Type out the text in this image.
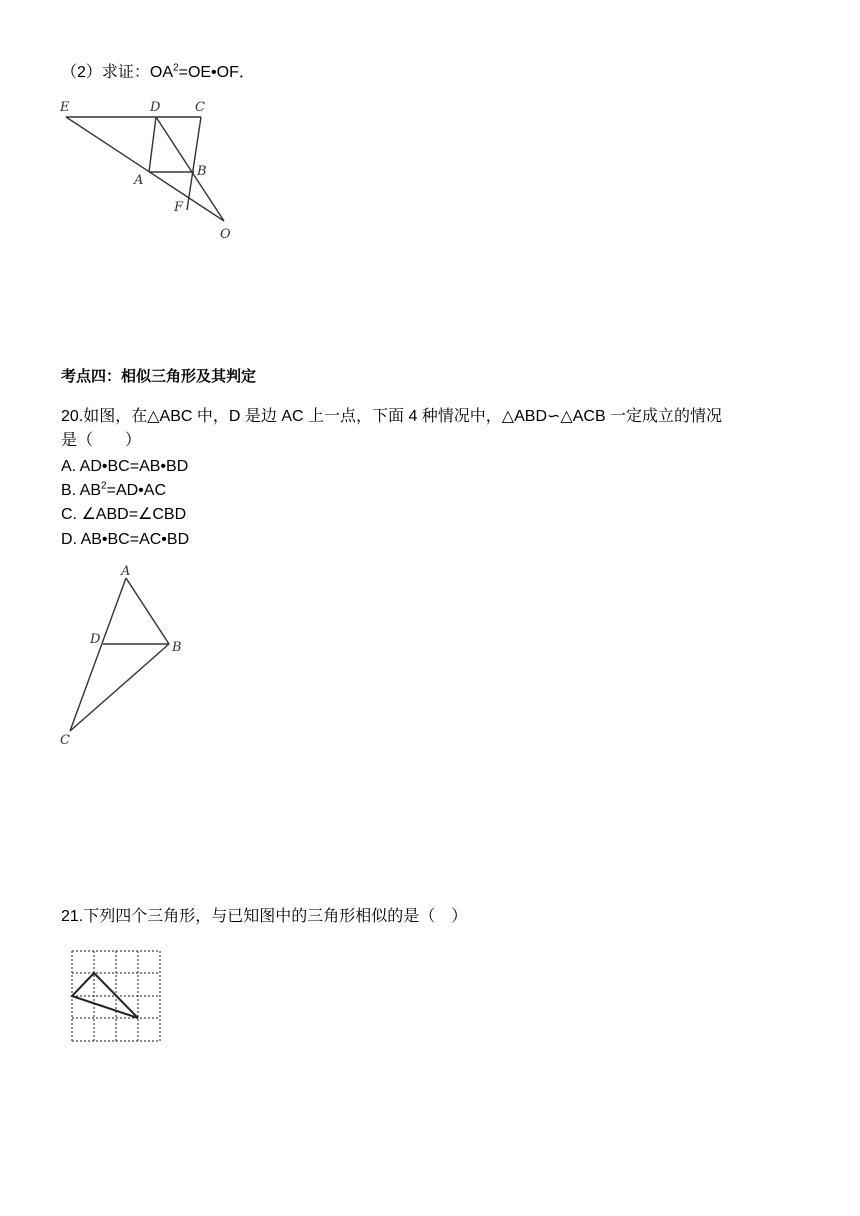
（2）求证：$OA^2=OE•OF$．
E	D	C
A
B
F
O
考点四：相似三角形及其判定
20.如图，在△ABC 中，D 是边 AC 上一点，下面 4 种情况中，△ABD∽△ACB 一定成立的情况
是（　　）
A. AD•BC=AB•BD
B. $AB^2=AD•AC$
C. ∠ABD=∠CBD
D. AB•BC=AC•BD
A
D
B
C
21.下列四个三角形，与已知图中的三角形相似的是（　）
